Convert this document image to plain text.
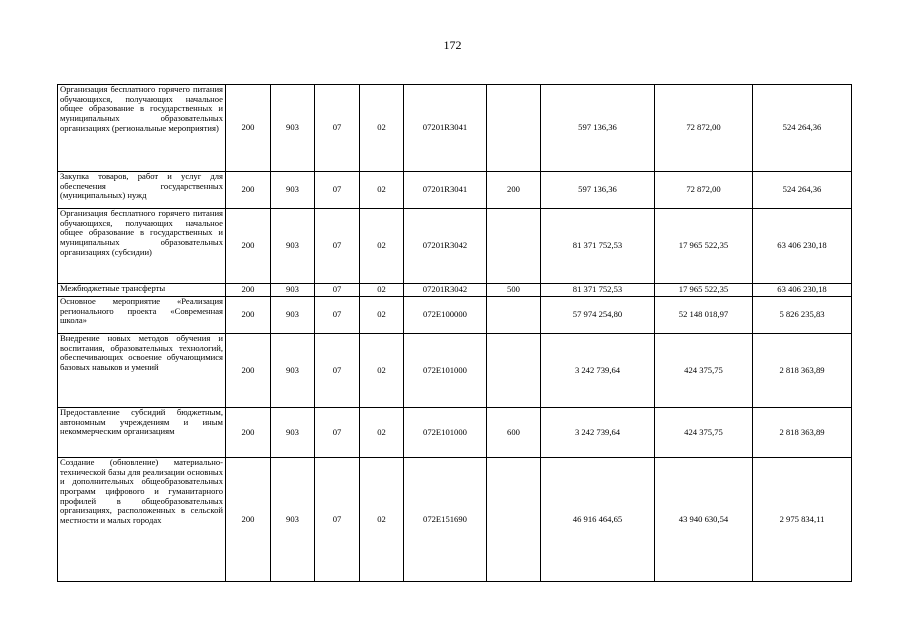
172
Организация бесплатного горячего питания обучающихся, получающих начальное общее образование в государственных и муниципальных образовательных организациях (региональные мероприятия)	200	903	07	02	07201R3041		597 136,36	72 872,00	524 264,36
Закупка товаров, работ и услуг для обеспечения государственных (муниципальных) нужд	200	903	07	02	07201R3041	200	597 136,36	72 872,00	524 264,36
Организация бесплатного горячего питания обучающихся, получающих начальное общее образование в государственных и муниципальных образовательных организациях (субсидии)	200	903	07	02	07201R3042		81 371 752,53	17 965 522,35	63 406 230,18
Межбюджетные трансферты	200	903	07	02	07201R3042	500	81 371 752,53	17 965 522,35	63 406 230,18
Основное мероприятие «Реализация регионального проекта «Современная школа»	200	903	07	02	072E100000		57 974 254,80	52 148 018,97	5 826 235,83
Внедрение новых методов обучения и воспитания, образовательных технологий, обеспечивающих освоение обучающимися базовых навыков и умений	200	903	07	02	072E101000		3 242 739,64	424 375,75	2 818 363,89
Предоставление субсидий бюджетным, автономным учреждениям и иным некоммерческим организациям	200	903	07	02	072E101000	600	3 242 739,64	424 375,75	2 818 363,89
Создание (обновление) материально-технической базы для реализации основных и дополнительных общеобразовательных программ цифрового и гуманитарного профилей в общеобразовательных организациях, расположенных в сельской местности и малых городах	200	903	07	02	072E151690		46 916 464,65	43 940 630,54	2 975 834,11
